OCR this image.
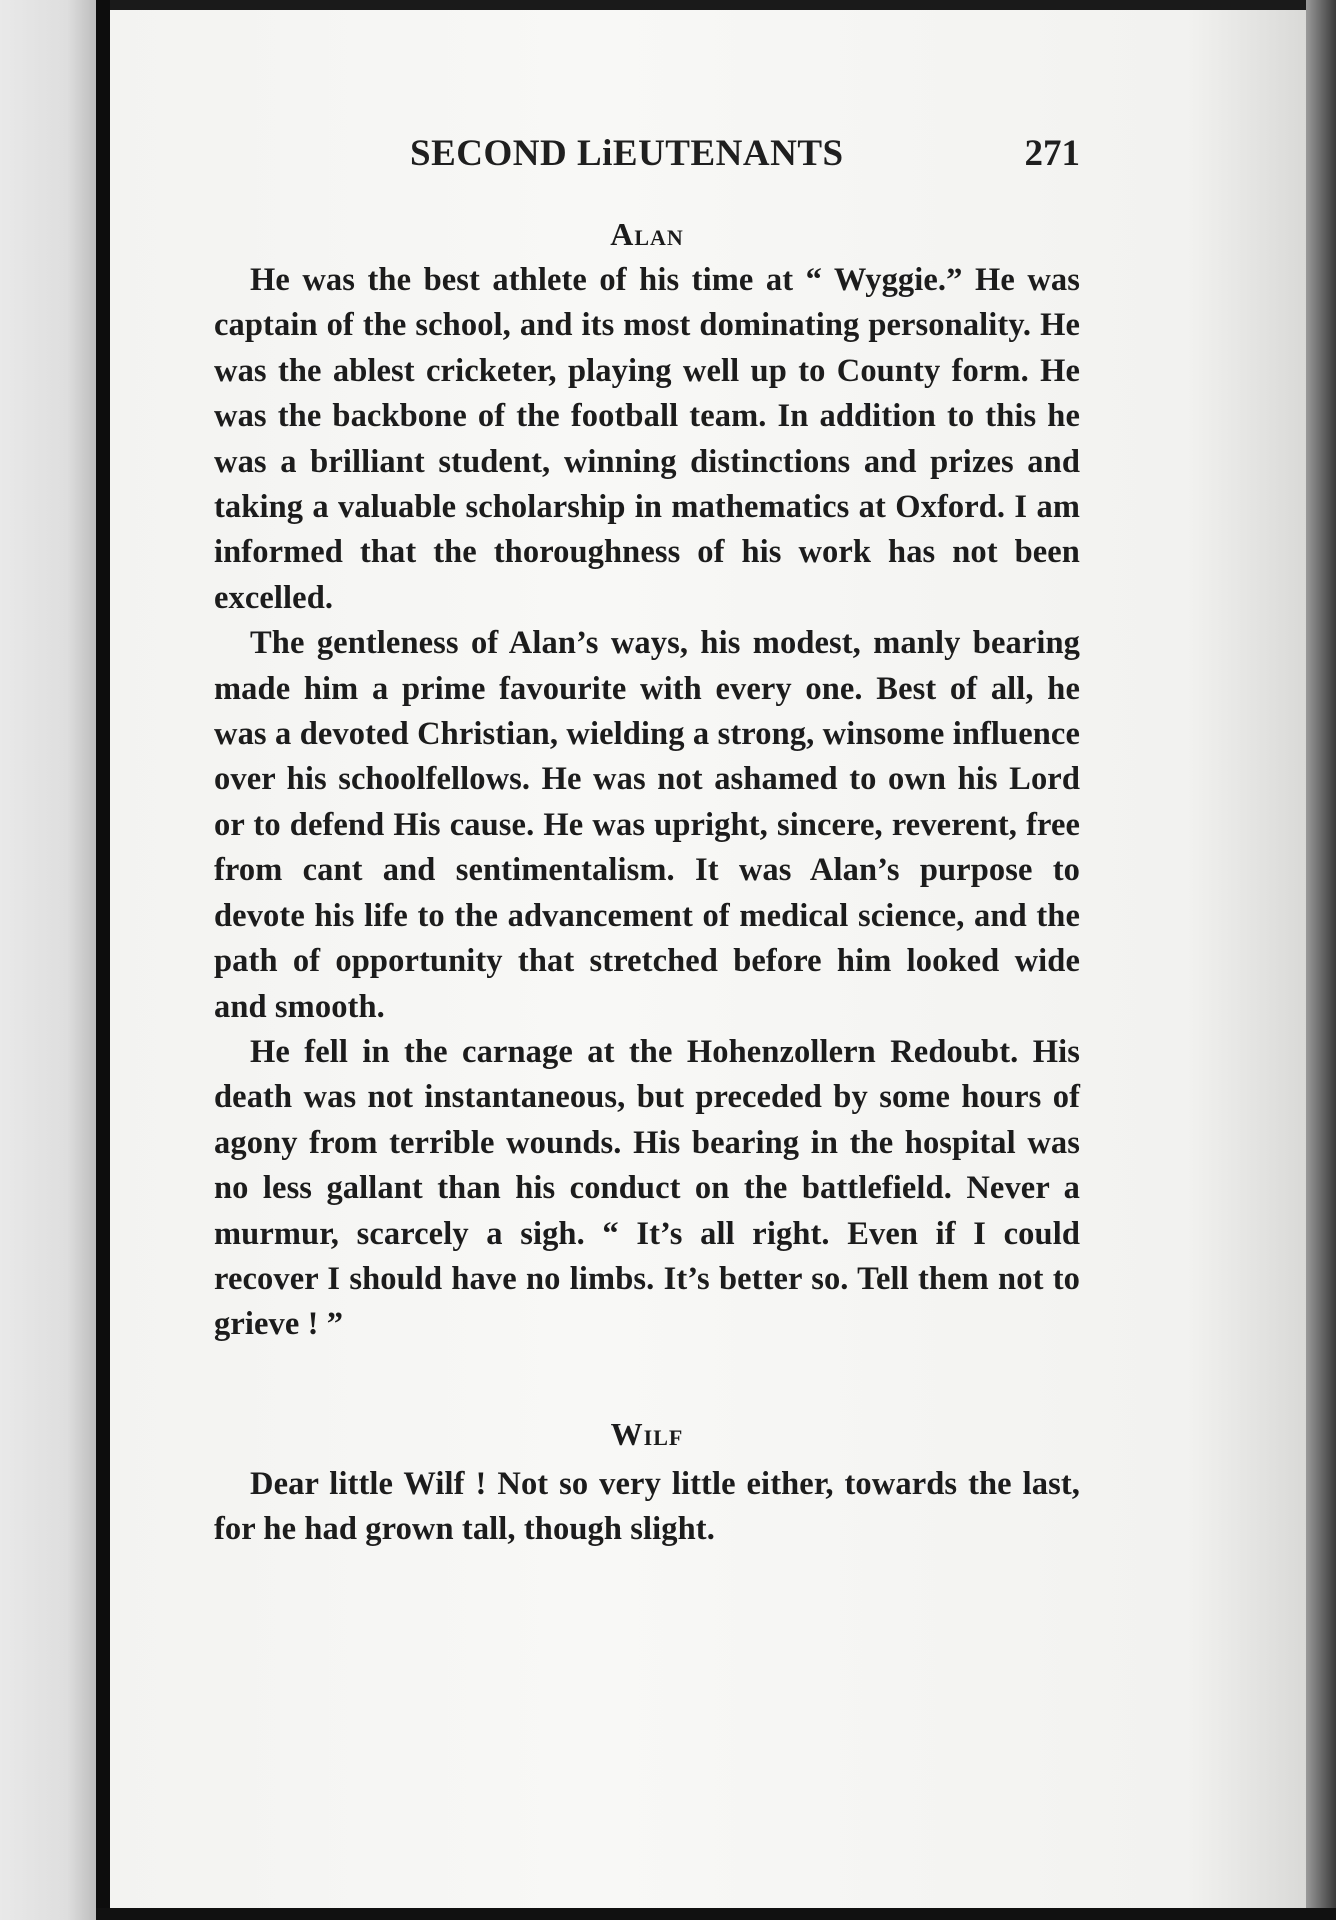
SECOND LiEUTENANTS	271
Alan

He was the best athlete of his time at “ Wyggie.” He was captain of the school, and its most dominating personality. He was the ablest cricketer, playing well up to County form. He was the backbone of the football team. In addition to this he was a brilliant student, winning distinctions and prizes and taking a valuable scholarship in mathematics at Oxford. I am informed that the thoroughness of his work has not been excelled.

The gentleness of Alan’s ways, his modest, manly bearing made him a prime favourite with every one. Best of all, he was a devoted Christian, wielding a strong, winsome influence over his schoolfellows. He was not ashamed to own his Lord or to defend His cause. He was upright, sincere, reverent, free from cant and sentimentalism. It was Alan’s purpose to devote his life to the advancement of medical science, and the path of opportunity that stretched before him looked wide and smooth.

He fell in the carnage at the Hohenzollern Redoubt. His death was not instantaneous, but preceded by some hours of agony from terrible wounds. His bearing in the hospital was no less gallant than his conduct on the battlefield. Never a murmur, scarcely a sigh. “ It’s all right. Even if I could recover I should have no limbs. It’s better so. Tell them not to grieve ! ”

Wilf

Dear little Wilf ! Not so very little either, towards the last, for he had grown tall, though slight.
